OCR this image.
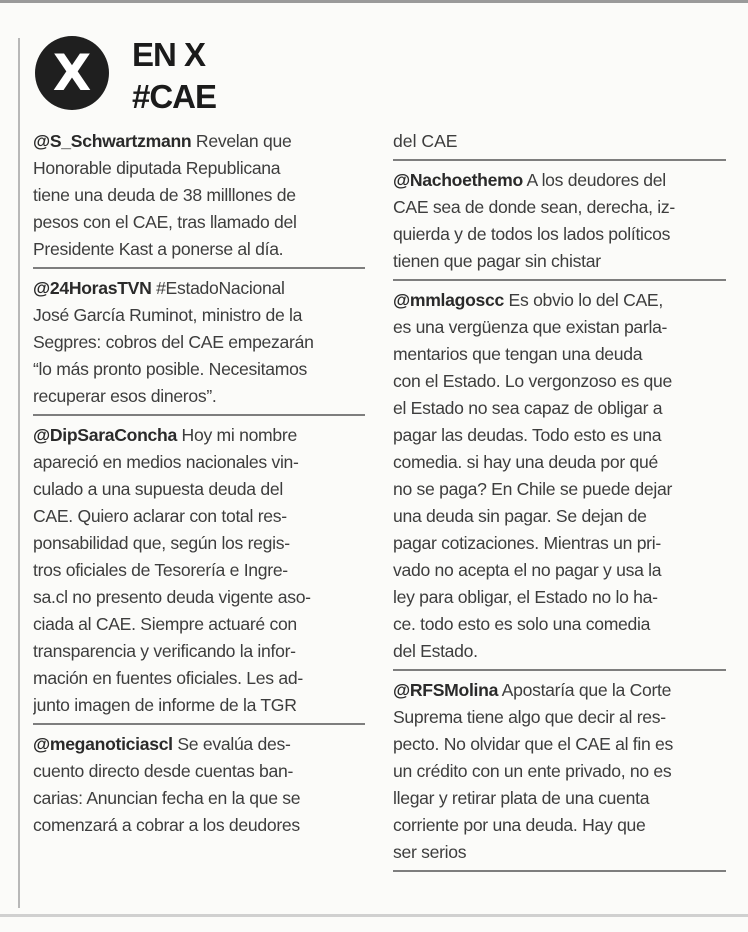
X	EN X
#CAE
@S_Schwartzmann Revelan que
Honorable diputada Republicana
tiene una deuda de 38 milllones de
pesos con el CAE, tras llamado del
Presidente Kast a ponerse al día.
@24HorasTVN #EstadoNacional
José García Ruminot, ministro de la
Segpres: cobros del CAE empezarán
“lo más pronto posible. Necesitamos
recuperar esos dineros”.
@DipSaraConcha Hoy mi nombre
apareció en medios nacionales vin-
culado a una supuesta deuda del
CAE. Quiero aclarar con total res-
ponsabilidad que, según los regis-
tros oficiales de Tesorería e Ingre-
sa.cl no presento deuda vigente aso-
ciada al CAE. Siempre actuaré con
transparencia y verificando la infor-
mación en fuentes oficiales. Les ad-
junto imagen de informe de la TGR
@meganoticiascl Se evalúa des-
cuento directo desde cuentas ban-
carias: Anuncian fecha en la que se
comenzará a cobrar a los deudores
del CAE
@Nachoethemo A los deudores del
CAE sea de donde sean, derecha, iz-
quierda y de todos los lados políticos
tienen que pagar sin chistar
@mmlagoscc Es obvio lo del CAE,
es una vergüenza que existan parla-
mentarios que tengan una deuda
con el Estado. Lo vergonzoso es que
el Estado no sea capaz de obligar a
pagar las deudas. Todo esto es una
comedia. si hay una deuda por qué
no se paga? En Chile se puede dejar
una deuda sin pagar. Se dejan de
pagar cotizaciones. Mientras un pri-
vado no acepta el no pagar y usa la
ley para obligar, el Estado no lo ha-
ce. todo esto es solo una comedia
del Estado.
@RFSMolina Apostaría que la Corte
Suprema tiene algo que decir al res-
pecto. No olvidar que el CAE al fin es
un crédito con un ente privado, no es
llegar y retirar plata de una cuenta
corriente por una deuda. Hay que
ser serios
